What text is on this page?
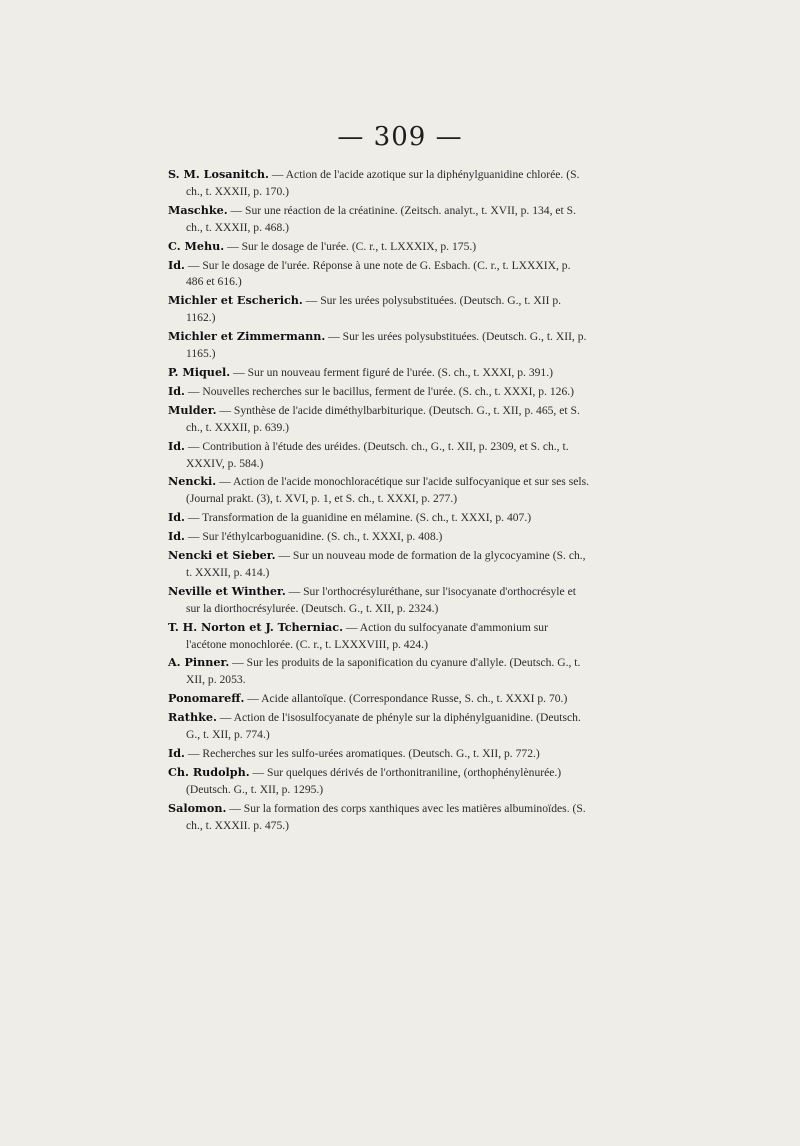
— 309 —

S. M. Losanitch. — Action de l'acide azotique sur la diphénylguanidine chlorée. (S. ch., t. XXXII, p. 170.)

Maschke. — Sur une réaction de la créatinine. (Zeitsch. analyt., t. XVII, p. 134, et S. ch., t. XXXII, p. 468.)

C. Mehu. — Sur le dosage de l'urée. (C. r., t. LXXXIX, p. 175.)

Id. — Sur le dosage de l'urée. Réponse à une note de G. Esbach. (C. r., t. LXXXIX, p. 486 et 616.)

Michler et Escherich. — Sur les urées polysubstituées. (Deutsch. G., t. XII p. 1162.)

Michler et Zimmermann. — Sur les urées polysubstituées. (Deutsch. G., t. XII, p. 1165.)

P. Miquel. — Sur un nouveau ferment figuré de l'urée. (S. ch., t. XXXI, p. 391.)

Id. — Nouvelles recherches sur le bacillus, ferment de l'urée. (S. ch., t. XXXI, p. 126.)

Mulder. — Synthèse de l'acide diméthylbarbiturique. (Deutsch. G., t. XII, p. 465, et S. ch., t. XXXII, p. 639.)

Id. — Contribution à l'étude des uréides. (Deutsch. ch., G., t. XII, p. 2309, et S. ch., t. XXXIV, p. 584.)

Nencki. — Action de l'acide monochloracétique sur l'acide sulfocyanique et sur ses sels. (Journal prakt. (3), t. XVI, p. 1, et S. ch., t. XXXI, p. 277.)

Id. — Transformation de la guanidine en mélamine. (S. ch., t. XXXI, p. 407.)

Id. — Sur l'éthylcarboguanidine. (S. ch., t. XXXI, p. 408.)

Nencki et Sieber. — Sur un nouveau mode de formation de la glycocyamine (S. ch., t. XXXII, p. 414.)

Neville et Winther. — Sur l'orthocrésyluréthane, sur l'isocyanate d'orthocrésyle et sur la diorthocrésylurée. (Deutsch. G., t. XII, p. 2324.)

T. H. Norton et J. Tcherniac. — Action du sulfocyanate d'ammonium sur l'acétone monochlorée. (C. r., t. LXXXVIII, p. 424.)

A. Pinner. — Sur les produits de la saponification du cyanure d'allyle. (Deutsch. G., t. XII, p. 2053.

Ponomareff. — Acide allantoïque. (Correspondance Russe, S. ch., t. XXXI p. 70.)

Rathke. — Action de l'isosulfocyanate de phényle sur la diphénylguanidine. (Deutsch. G., t. XII, p. 774.)

Id. — Recherches sur les sulfo-urées aromatiques. (Deutsch. G., t. XII, p. 772.)

Ch. Rudolph. — Sur quelques dérivés de l'orthonitraniline, (orthophénylènurée.) (Deutsch. G., t. XII, p. 1295.)

Salomon. — Sur la formation des corps xanthiques avec les matières albuminoïdes. (S. ch., t. XXXII. p. 475.)
